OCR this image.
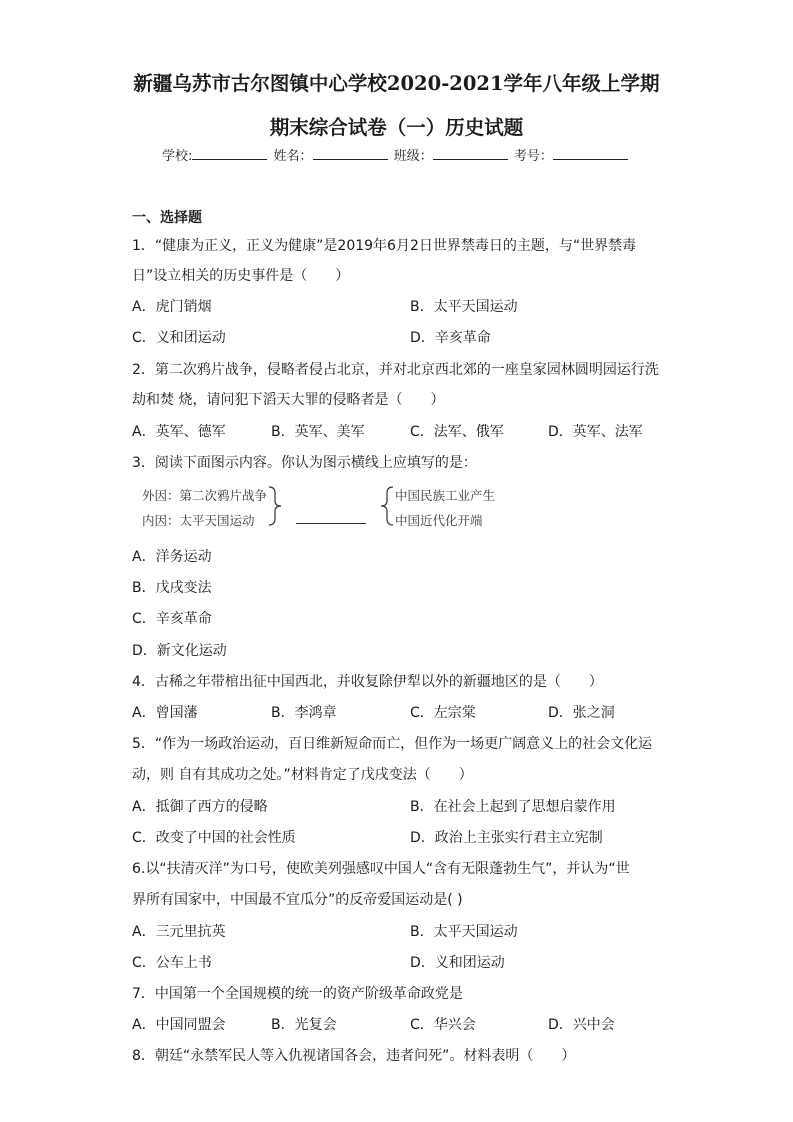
新疆乌苏市古尔图镇中心学校2020-2021学年八年级上学期
期末综合试卷（一）历史试题
学校:	姓名：	班级：	考号：
一、选择题
1．“健康为正义，正义为健康”是2019年6月2日世界禁毒日的主题，与“世界禁毒
日”设立相关的历史事件是（　　）
A．虎门销烟	B．太平天国运动
C．义和团运动	D．辛亥革命
2．第二次鸦片战争，侵略者侵占北京，并对北京西北郊的一座皇家园林圆明园运行洗
劫和焚 烧，请问犯下滔天大罪的侵略者是（　　）
A．英军、德军	B．英军、美军	C．法军、俄军	D．英军、法军
3．阅读下面图示内容。你认为图示横线上应填写的是：
外因：第二次鸦片战争
内因：太平天国运动
中国民族工业产生
中国近代化开端
A．洋务运动
B．戊戌变法
C．辛亥革命
D．新文化运动
4．古稀之年带棺出征中国西北，并收复除伊犁以外的新疆地区的是（　　）
A．曾国藩	B．李鸿章	C．左宗棠	D．张之洞
5．“作为一场政治运动，百日维新短命而亡，但作为一场更广阔意义上的社会文化运
动，则 自有其成功之处。”材料肯定了戊戌变法（　　）
A．抵御了西方的侵略	B．在社会上起到了思想启蒙作用
C．改变了中国的社会性质	D．政治上主张实行君主立宪制
6.以“扶清灭洋”为口号，使欧美列强感叹中国人“含有无限蓬勃生气”，并认为“世
界所有国家中，中国最不宜瓜分”的反帝爱国运动是( )
A．三元里抗英	B．太平天国运动
C．公车上书	D．义和团运动
7．中国第一个全国规模的统一的资产阶级革命政党是
A．中国同盟会	B．光复会	C．华兴会	D．兴中会
8．朝廷“永禁军民人等入仇视诸国各会，违者问死”。材料表明（　　）
